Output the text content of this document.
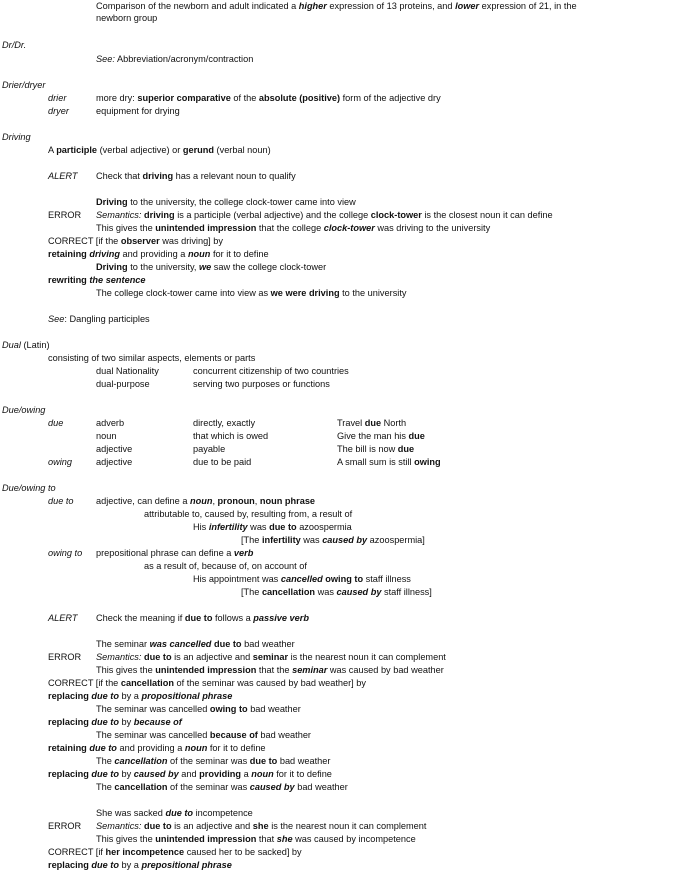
Comparison of the newborn and adult indicated a higher expression of 13 proteins, and lower expression of 21, in the
newborn group
Dr/Dr.
See: Abbreviation/acronym/contraction
Drier/dryer
drier	more dry: superior comparative of the absolute (positive) form of the adjective dry
dryer	equipment for drying
Driving
A participle (verbal adjective) or gerund (verbal noun)
ALERT Check that driving has a relevant noun to qualify
Driving to the university, the college clock-tower came into view
ERROR Semantics: driving is a participle (verbal adjective) and the college clock-tower is the closest noun it can define
This gives the unintended impression that the college clock-tower was driving to the university
CORRECT [if the observer was driving] by
retaining driving and providing a noun for it to define
Driving to the university, we saw the college clock-tower
rewriting the sentence
The college clock-tower came into view as we were driving to the university
See: Dangling participles
Dual (Latin)
consisting of two similar aspects, elements or parts
dual Nationality	concurrent citizenship of two countries
dual-purpose	serving two purposes or functions
Due/owing
due	adverb	directly, exactly	Travel due North
noun	that which is owed	Give the man his due
adjective	payable	The bill is now due
owing	adjective	due to be paid	A small sum is still owing
Due/owing to
due to adjective, can define a noun, pronoun, noun phrase
attributable to, caused by, resulting from, a result of
His infertility was due to azoospermia
[The infertility was caused by azoospermia]
owing to prepositional phrase can define a verb
as a result of, because of, on account of
His appointment was cancelled owing to staff illness
[The cancellation was caused by staff illness]
ALERT Check the meaning if due to follows a passive verb
The seminar was cancelled due to bad weather
ERROR Semantics: due to is an adjective and seminar is the nearest noun it can complement
This gives the unintended impression that the seminar was caused by bad weather
CORRECT [if the cancellation of the seminar was caused by bad weather] by
replacing due to by a propositional phrase
The seminar was cancelled owing to bad weather
replacing due to by because of
The seminar was cancelled because of bad weather
retaining due to and providing a noun for it to define
The cancellation of the seminar was due to bad weather
replacing due to by caused by and providing a noun for it to define
The cancellation of the seminar was caused by bad weather
She was sacked due to incompetence
ERROR Semantics: due to is an adjective and she is the nearest noun it can complement
This gives the unintended impression that she was caused by incompetence
CORRECT [if her incompetence caused her to be sacked] by
replacing due to by a prepositional phrase
